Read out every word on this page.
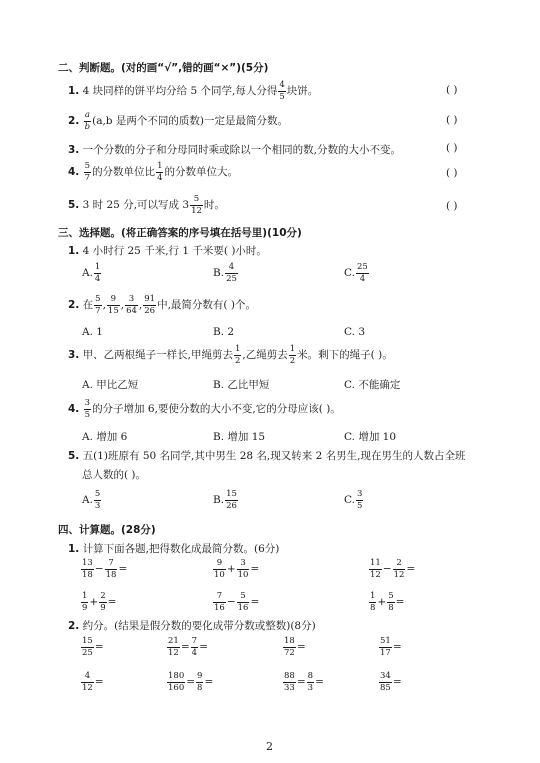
二、判断题。(对的画“√”,错的画“×”)(5分)
1. 4 块同样的饼平均分给 5 个同学,每人分得 $\frac{4}{5}$ 块饼。	( )
2. $\frac{a}{b} (a,b$ 是两个不同的质数)一定是最简分数。	( )
3. 一个分数的分子和分母同时乘或除以一个相同的数,分数的大小不变。	( )
4. $\frac{5}{7}$ 的分数单位比 $\frac{1}{4}$ 的分数单位大。	( )
5. 3 时 25 分,可以写成 $3 \frac{5}{12}$ 时。	( )
三、选择题。(将正确答案的序号填在括号里)(10分)
1. 4 小时行 25 千米,行 1 千米要( )小时。
A. $\frac{1}{4}$	B. $\frac{4}{25}$	C. $\frac{25}{4}$
2. 在 $\frac{5}{7}$ , $\frac{9}{15}$ , $\frac{3}{64}$ , $\frac{91}{26}$ 中,最简分数有( )个。
A. 1	B. 2	C. 3
3. 甲、乙两根绳子一样长,甲绳剪去 $\frac{1}{2}$ ,乙绳剪去 $\frac{1}{2}$ 米。剩下的绳子( )。
A. 甲比乙短	B. 乙比甲短	C. 不能确定
4. $\frac{3}{5}$ 的分子增加 6,要使分数的大小不变,它的分母应该( )。
A. 增加 6	B. 增加 15	C. 增加 10
5. 五(1)班原有 50 名同学,其中男生 28 名,现又转来 2 名男生,现在男生的人数占全班
总人数的( )。
A. $\frac{5}{3}$	B. $\frac{15}{26}$	C. $\frac{3}{5}$
四、计算题。(28分)
1. 计算下面各题,把得数化成最简分数。(6分)
$\frac{13}{18} - \frac{7}{18}$ =	$\frac{9}{10} + \frac{3}{10}$ =	$\frac{11}{12} - \frac{2}{12}$ =
$\frac{1}{9} + \frac{2}{9}$ =	$\frac{7}{16} - \frac{5}{16}$ =	$\frac{1}{8} + \frac{5}{8}$ =
2. 约分。(结果是假分数的要化成带分数或整数)(8分)
$\frac{15}{25}$ =	$\frac{21}{12} = \frac{7}{4}$ =	$\frac{18}{72}$ =	$\frac{51}{17}$ =
$\frac{4}{12}$ =	$\frac{180}{160} = \frac{9}{8}$ =	$\frac{88}{33} = \frac{8}{3}$ =	$\frac{34}{85}$ =
2
